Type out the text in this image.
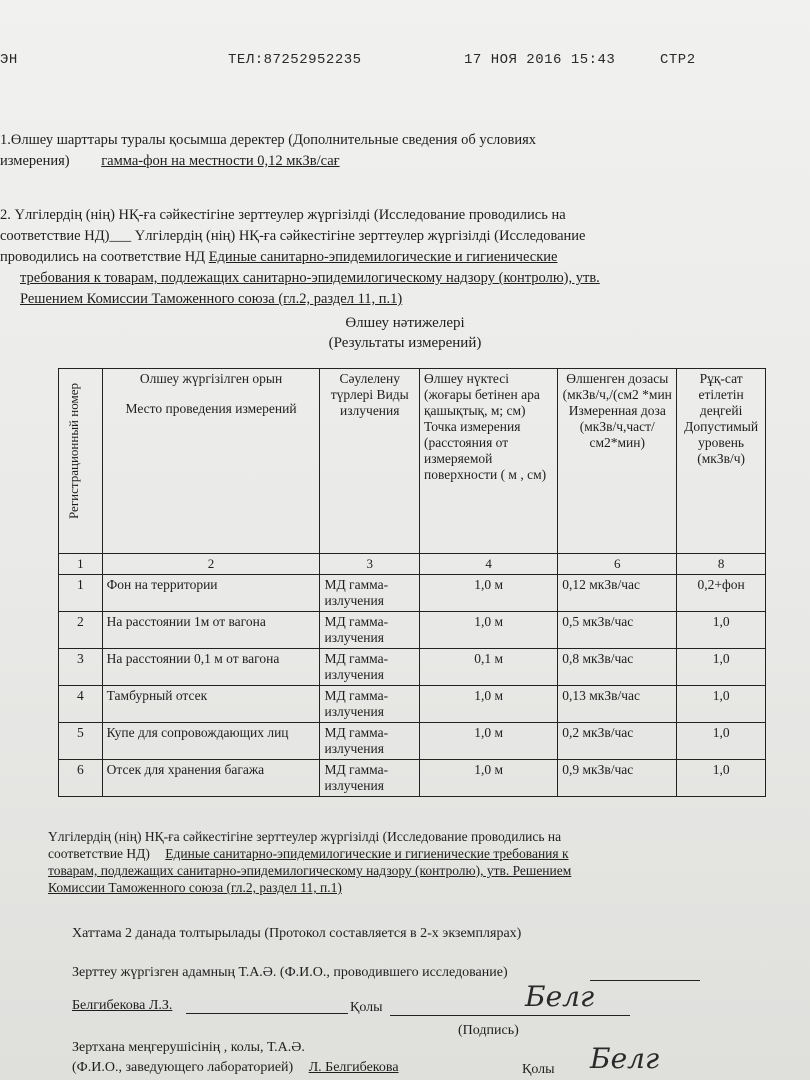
ЭН	ТЕЛ:87252952235	17 НОЯ 2016 15:43	СТР2
1.Өлшеу шарттары туралы қосымша деректер (Дополнительные сведения об условиях
измерения) гамма-фон на местности 0,12 мкЗв/сағ
2. Үлгілердің (нің) НҚ-ға сәйкестігіне зерттеулер жүргізілді (Исследование проводились на
соответствие НД)___ Үлгілердің (нің) НҚ-ға сәйкестігіне зерттеулер жүргізілді (Исследование
проводились на соответствие НД Единые санитарно-эпидемилогические и гигиенические
требования к товарам, подлежащих санитарно-эпидемилогическому надзору (контролю), утв.
Решением Комиссии Таможенного союза (гл.2, раздел 11, п.1)
Өлшеу нәтижелері
(Результаты измерений)
Регистрационный номер	Олшеу жүргізілген орын
Место проведения измерений	Сәулелену түрлері Виды излучения	Өлшеу нүктесі (жоғары бетінен ара қашықтық, м; см) Точка измерения (расстояния от измеряемой поверхности ( м , см)	Өлшенген дозасы (мкЗв/ч,/(см2 *мин Измеренная доза (мкЗв/ч,част/ см2*мин)	Рұқ-сат етілетін деңгейі Допустимый уровень (мкЗв/ч)
1	2	3	4	6	8
1	Фон на территории	МД гамма-излучения	1,0 м	0,12 мкЗв/час	0,2+фон
2	На расстоянии 1м от вагона	МД гамма-излучения	1,0 м	0,5 мкЗв/час	1,0
3	На расстоянии 0,1 м от вагона	МД гамма-излучения	0,1 м	0,8 мкЗв/час	1,0
4	Тамбурный отсек	МД гамма-излучения	1,0 м	0,13 мкЗв/час	1,0
5	Купе для сопровождающих лиц	МД гамма-излучения	1,0 м	0,2 мкЗв/час	1,0
6	Отсек для хранения багажа	МД гамма-излучения	1,0 м	0,9 мкЗв/час	1,0
Үлгілердің (нің) НҚ-ға сәйкестігіне зерттеулер жүргізілді (Исследование проводились на
соответствие НД) Единые санитарно-эпидемилогические и гигиенические требования к
товарам, подлежащих санитарно-эпидемилогическому надзору (контролю), утв. Решением
Комиссии Таможенного союза (гл.2, раздел 11, п.1)
Хаттама 2 данада толтырылады (Протокол составляется в 2-х экземплярах)
Зерттеу жүргізген адамның Т.А.Ә. (Ф.И.О., проводившего исследование)
Белгибекова Л.З.	Қолы	Белг
(Подпись)
Зертхана меңгерушісінің , колы, Т.А.Ә.
(Ф.И.О., заведующего лабораторией) Л. Белгибекова	Қолы Белг
